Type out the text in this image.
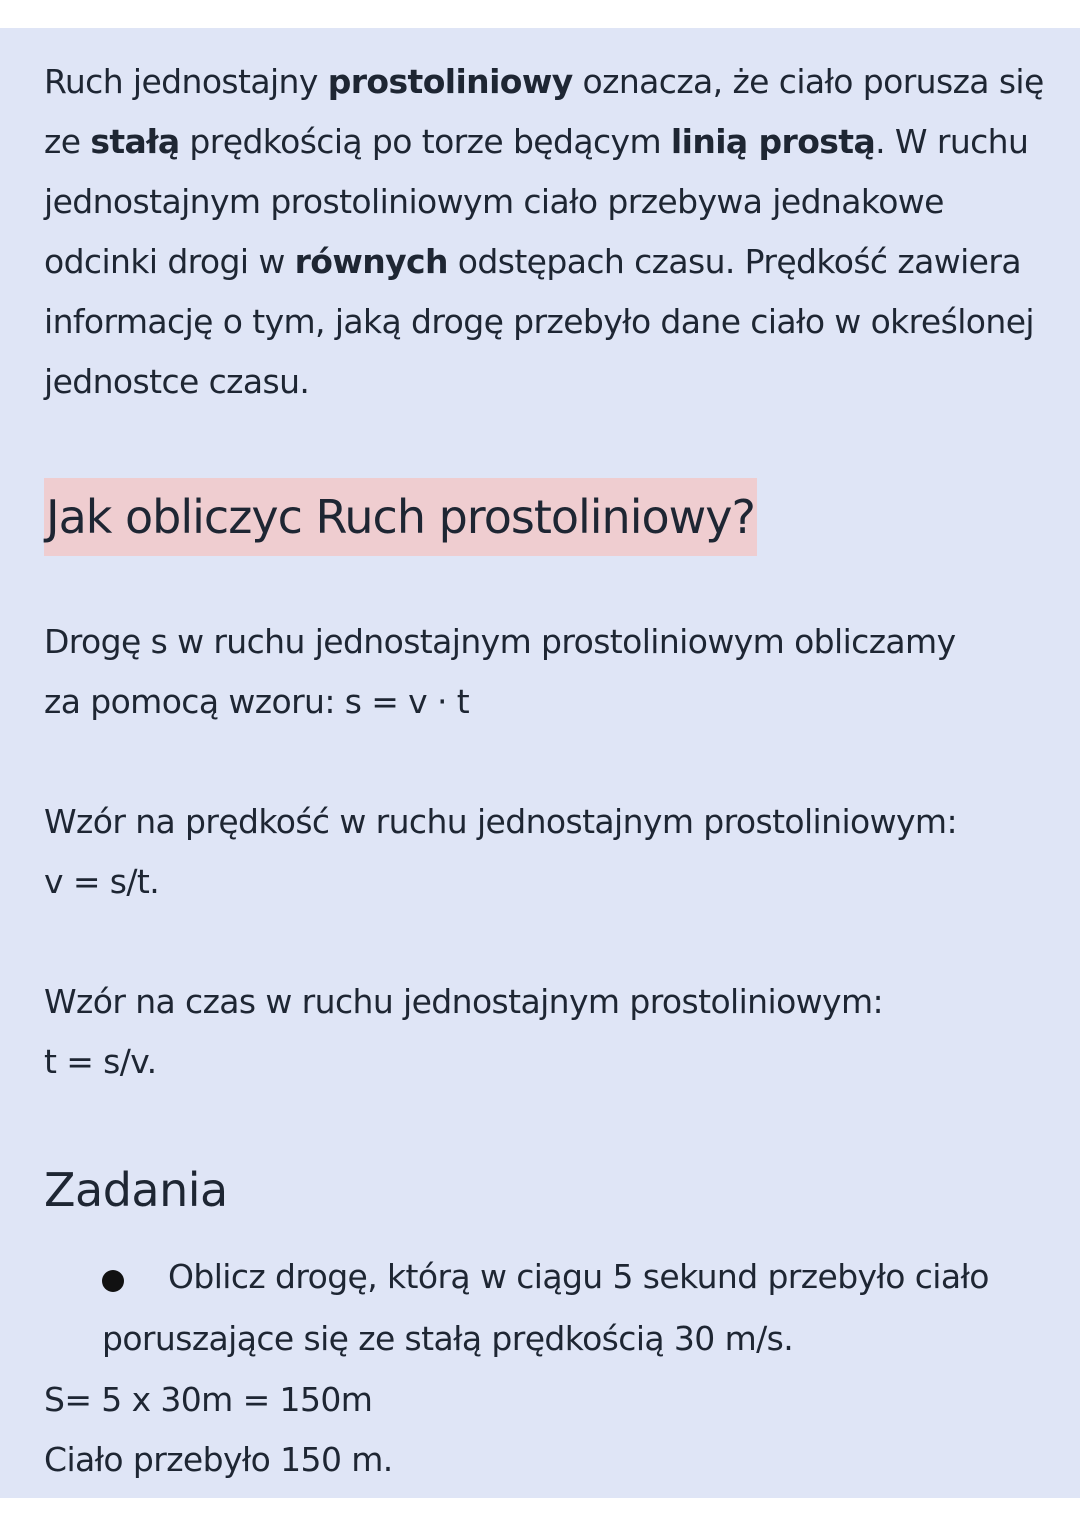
Ruch jednostajny prostoliniowy oznacza, że ciało porusza się ze stałą prędkością po torze będącym linią prostą. W ruchu jednostajnym prostoliniowym ciało przebywa jednakowe odcinki drogi w równych odstępach czasu. Prędkość zawiera informację o tym, jaką drogę przebyło dane ciało w określonej jednostce czasu.

Jak obliczyc Ruch prostoliniowy?
Drogę s w ruchu jednostajnym prostoliniowym obliczamy
za pomocą wzoru: s = v · t
Wzór na prędkość w ruchu jednostajnym prostoliniowym:
v = s/t.
Wzór na czas w ruchu jednostajnym prostoliniowym:
t = s/v.
Zadania

Oblicz drogę, którą w ciągu 5 sekund przebyło ciało poruszające się ze stałą prędkością 30 m/s.

S= 5 x 30m = 150m
Ciało przebyło 150 m.
